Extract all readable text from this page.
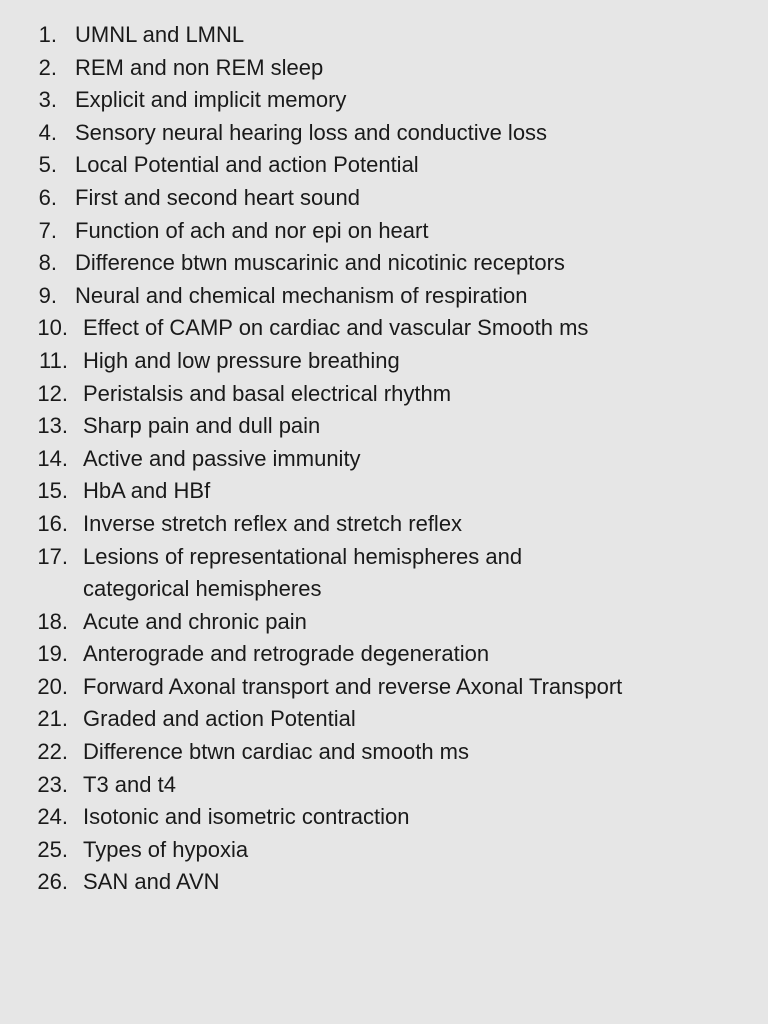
1. UMNL and LMNL
2. REM and non REM sleep
3. Explicit and implicit memory
4. Sensory neural hearing loss and conductive loss
5. Local Potential and action Potential
6. First and second heart sound
7. Function of ach and nor epi on heart
8. Difference btwn muscarinic and nicotinic receptors
9. Neural and chemical mechanism of respiration
10. Effect of CAMP on cardiac and vascular Smooth ms
11. High and low pressure breathing
12. Peristalsis and basal electrical rhythm
13. Sharp pain and dull pain
14. Active and passive immunity
15. HbA and HBf
16. Inverse stretch reflex and stretch reflex
17. Lesions of representational hemispheres and
categorical hemispheres
18. Acute and chronic pain
19. Anterograde and retrograde degeneration
20. Forward Axonal transport and reverse Axonal Transport
21. Graded and action Potential
22. Difference btwn cardiac and smooth ms
23. T3 and t4
24. Isotonic and isometric contraction
25. Types of hypoxia
26. SAN and AVN
